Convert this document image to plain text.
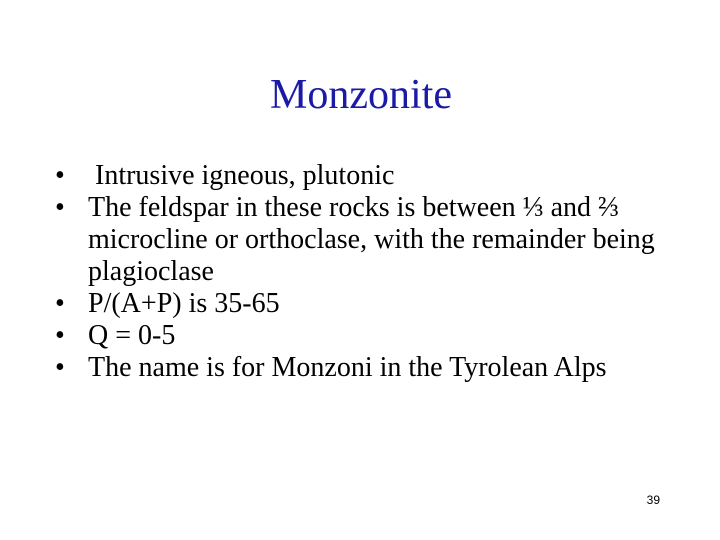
Monzonite
• Intrusive igneous, plutonic
• The feldspar in these rocks is between ⅓ and ⅔ microcline or orthoclase, with the remainder being plagioclase
• P/(A+P) is 35-65
• Q = 0-5
• The name is for Monzoni in the Tyrolean Alps
39
